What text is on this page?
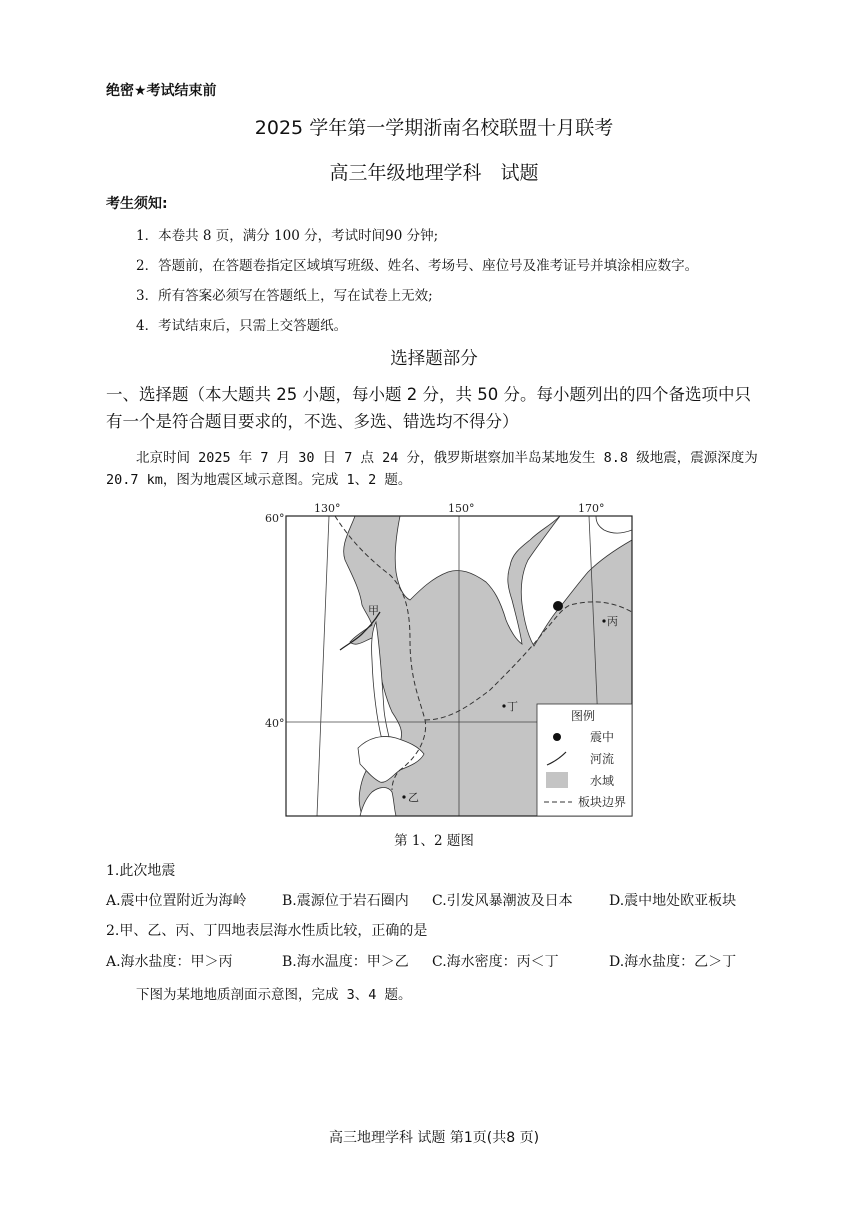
绝密★考试结束前
2025 学年第一学期浙南名校联盟十月联考
高三年级地理学科　试题
考生须知:
1．本卷共 8 页，满分 100 分，考试时间90 分钟;
2．答题前，在答题卷指定区域填写班级、姓名、考场号、座位号及准考证号并填涂相应数字。
3．所有答案必须写在答题纸上，写在试卷上无效;
4．考试结束后，只需上交答题纸。
选择题部分
一、选择题（本大题共 25 小题，每小题 2 分，共 50 分。每小题列出的四个备选项中只
有一个是符合题目要求的，不选、多选、错选均不得分）
北京时间 2025 年 7 月 30 日 7 点 24 分，俄罗斯堪察加半岛某地发生 8.8 级地震，震源深度为
20.7 km，图为地震区域示意图。完成 1、2 题。
130°	150°	170°
60°
40°
甲
乙
丙
丁
图例
震中
河流
水域
板块边界
第 1、2 题图
1.此次地震
A.震中位置附近为海岭	B.震源位于岩石圈内 C.引发风暴潮波及日本	D.震中地处欧亚板块
2.甲、乙、丙、丁四地表层海水性质比较，正确的是
A.海水盐度：甲＞丙	B.海水温度：甲＞乙 C.海水密度：丙＜丁	D.海水盐度：乙＞丁
下图为某地地质剖面示意图，完成 3、4 题。
高三地理学科 试题 第1页(共8 页)
